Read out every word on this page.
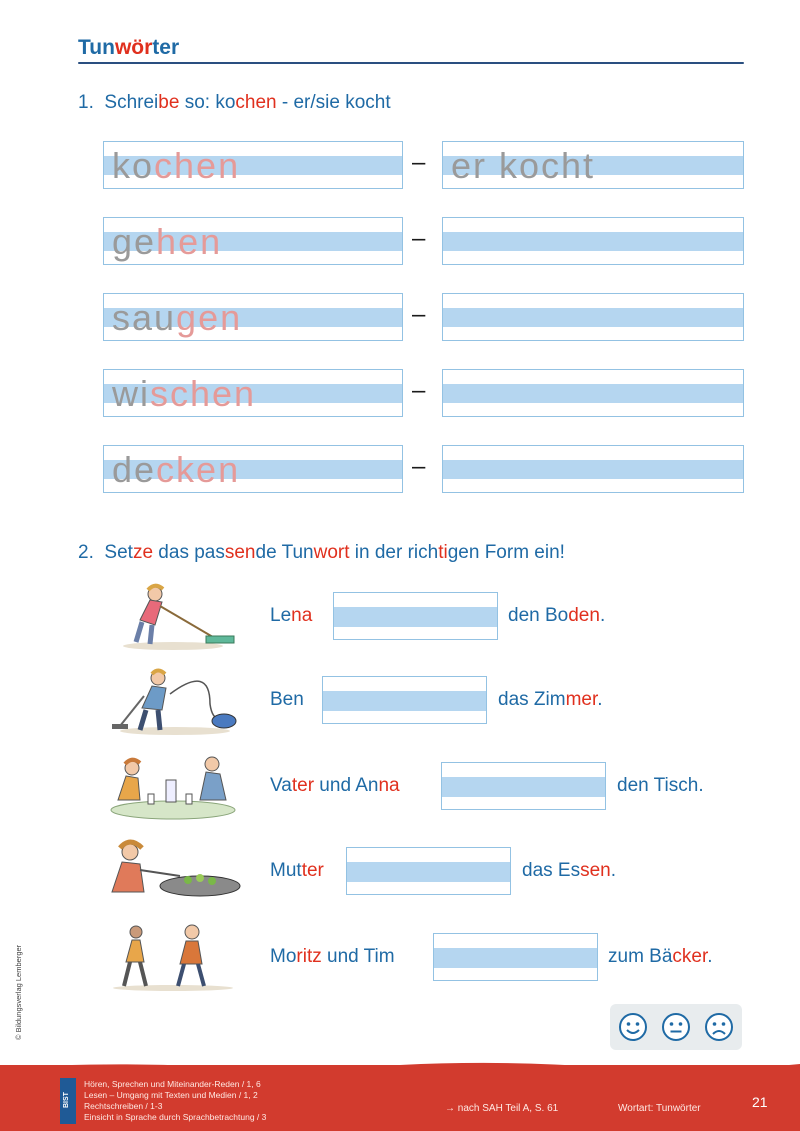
Tunwörter
1. Schreibe so: kochen - er/sie kocht
kochen	– er kocht
gehen	–
saugen	–
wischen	–
decken	–
2. Setze das passende Tunwort in der richtigen Form ein!
Lena	den Boden.
Ben	das Zimmer.
Vater und Anna	den Tisch.
Mutter	das Essen.
Moritz und Tim	zum Bäcker.
© Bildungsverlag Lemberger
BIST
Hören, Sprechen und Miteinander-Reden / 1, 6
Lesen – Umgang mit Texten und Medien / 1, 2
Rechtschreiben / 1-3
Einsicht in Sprache durch Sprachbetrachtung / 3
→ nach SAH Teil A, S. 61	Wortart: Tunwörter	21
